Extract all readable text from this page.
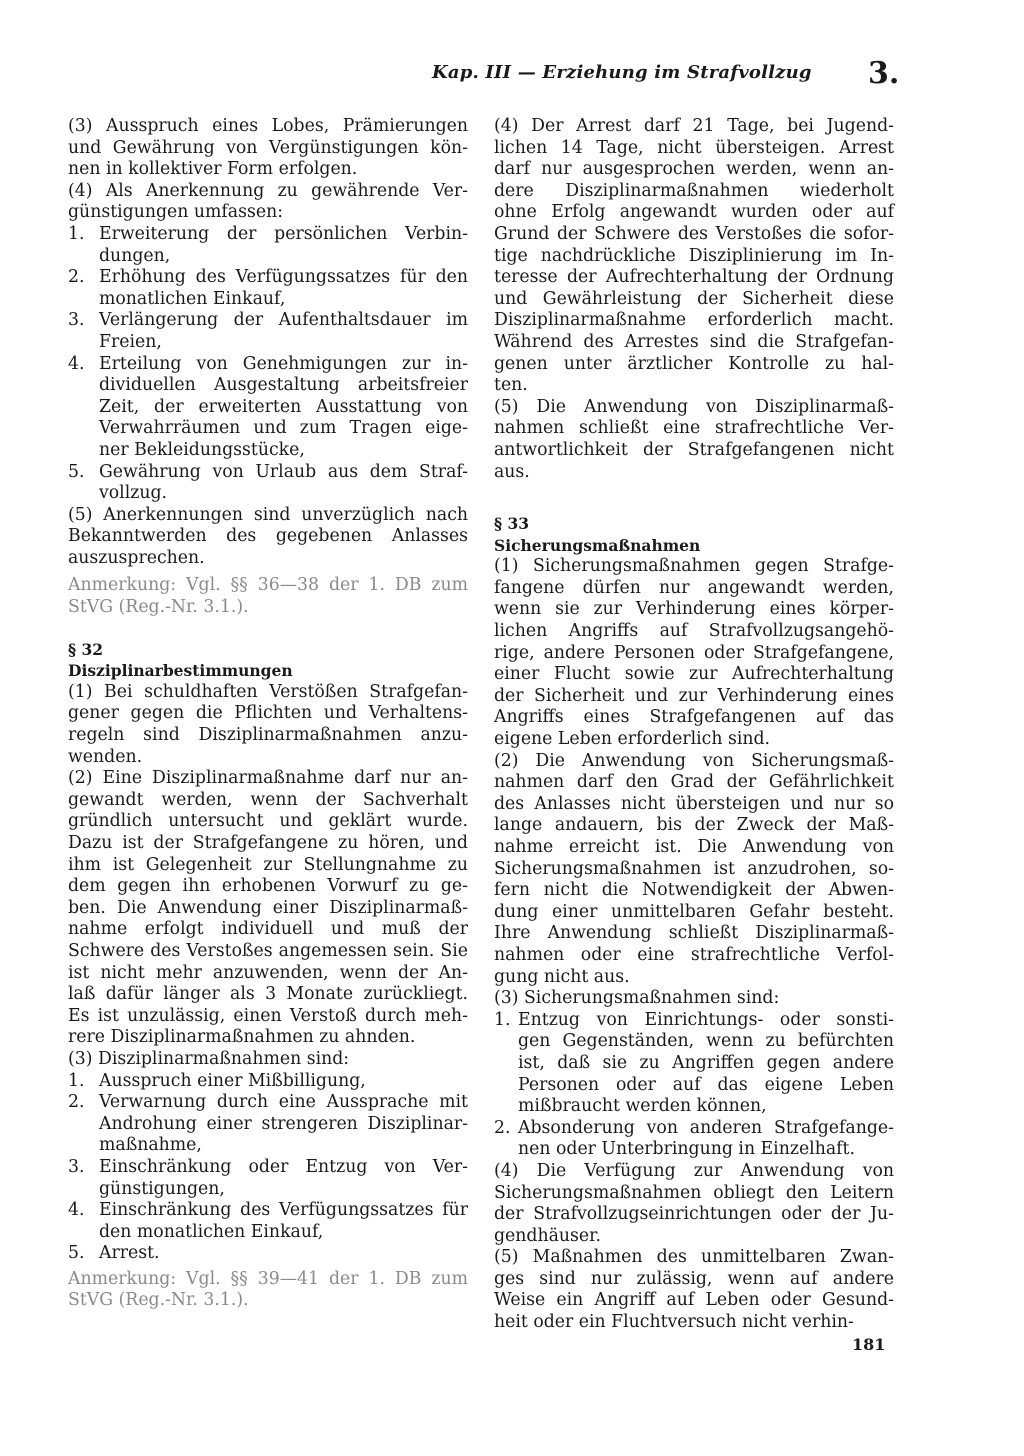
Kap. III — Erziehung im Strafvollzug 3.
(3) Ausspruch eines Lobes, Prämierungen
und Gewährung von Vergünstigungen kön-
nen in kollektiver Form erfolgen.
(4) Als Anerkennung zu gewährende Ver-
günstigungen umfassen:
1. Erweiterung der persönlichen Verbin-
dungen,
2. Erhöhung des Verfügungssatzes für den
monatlichen Einkauf,
3. Verlängerung der Aufenthaltsdauer im
Freien,
4. Erteilung von Genehmigungen zur in-
dividuellen Ausgestaltung arbeitsfreier
Zeit, der erweiterten Ausstattung von
Verwahrräumen und zum Tragen eige-
ner Bekleidungsstücke,
5. Gewährung von Urlaub aus dem Straf-
vollzug.
(5) Anerkennungen sind unverzüglich nach
Bekanntwerden des gegebenen Anlasses
auszusprechen.
Anmerkung: Vgl. §§ 36—38 der 1. DB zum
StVG (Reg.-Nr. 3.1.).
§ 32
Disziplinarbestimmungen
(1) Bei schuldhaften Verstößen Strafgefan-
gener gegen die Pflichten und Verhaltens-
regeln sind Disziplinarmaßnahmen anzu-
wenden.
(2) Eine Disziplinarmaßnahme darf nur an-
gewandt werden, wenn der Sachverhalt
gründlich untersucht und geklärt wurde.
Dazu ist der Strafgefangene zu hören, und
ihm ist Gelegenheit zur Stellungnahme zu
dem gegen ihn erhobenen Vorwurf zu ge-
ben. Die Anwendung einer Disziplinarmaß-
nahme erfolgt individuell und muß der
Schwere des Verstoßes angemessen sein. Sie
ist nicht mehr anzuwenden, wenn der An-
laß dafür länger als 3 Monate zurückliegt.
Es ist unzulässig, einen Verstoß durch meh-
rere Disziplinarmaßnahmen zu ahnden.
(3) Disziplinarmaßnahmen sind:
1. Ausspruch einer Mißbilligung,
2. Verwarnung durch eine Aussprache mit
Androhung einer strengeren Disziplinar-
maßnahme,
3. Einschränkung oder Entzug von Ver-
günstigungen,
4. Einschränkung des Verfügungssatzes für
den monatlichen Einkauf,
5. Arrest.
Anmerkung: Vgl. §§ 39—41 der 1. DB zum
StVG (Reg.-Nr. 3.1.).
(4) Der Arrest darf 21 Tage, bei Jugend-
lichen 14 Tage, nicht übersteigen. Arrest
darf nur ausgesprochen werden, wenn an-
dere Disziplinarmaßnahmen wiederholt
ohne Erfolg angewandt wurden oder auf
Grund der Schwere des Verstoßes die sofor-
tige nachdrückliche Disziplinierung im In-
teresse der Aufrechterhaltung der Ordnung
und Gewährleistung der Sicherheit diese
Disziplinarmaßnahme erforderlich macht.
Während des Arrestes sind die Strafgefan-
genen unter ärztlicher Kontrolle zu hal-
ten.
(5) Die Anwendung von Disziplinarmaß-
nahmen schließt eine strafrechtliche Ver-
antwortlichkeit der Strafgefangenen nicht
aus.
§ 33
Sicherungsmaßnahmen
(1) Sicherungsmaßnahmen gegen Strafge-
fangene dürfen nur angewandt werden,
wenn sie zur Verhinderung eines körper-
lichen Angriffs auf Strafvollzugsangehö-
rige, andere Personen oder Strafgefangene,
einer Flucht sowie zur Aufrechterhaltung
der Sicherheit und zur Verhinderung eines
Angriffs eines Strafgefangenen auf das
eigene Leben erforderlich sind.
(2) Die Anwendung von Sicherungsmaß-
nahmen darf den Grad der Gefährlichkeit
des Anlasses nicht übersteigen und nur so
lange andauern, bis der Zweck der Maß-
nahme erreicht ist. Die Anwendung von
Sicherungsmaßnahmen ist anzudrohen, so-
fern nicht die Notwendigkeit der Abwen-
dung einer unmittelbaren Gefahr besteht.
Ihre Anwendung schließt Disziplinarmaß-
nahmen oder eine strafrechtliche Verfol-
gung nicht aus.
(3) Sicherungsmaßnahmen sind:
1. Entzug von Einrichtungs- oder sonsti-
gen Gegenständen, wenn zu befürchten
ist, daß sie zu Angriffen gegen andere
Personen oder auf das eigene Leben
mißbraucht werden können,
2. Absonderung von anderen Strafgefange-
nen oder Unterbringung in Einzelhaft.
(4) Die Verfügung zur Anwendung von
Sicherungsmaßnahmen obliegt den Leitern
der Strafvollzugseinrichtungen oder der Ju-
gendhäuser.
(5) Maßnahmen des unmittelbaren Zwan-
ges sind nur zulässig, wenn auf andere
Weise ein Angriff auf Leben oder Gesund-
heit oder ein Fluchtversuch nicht verhin-
181
